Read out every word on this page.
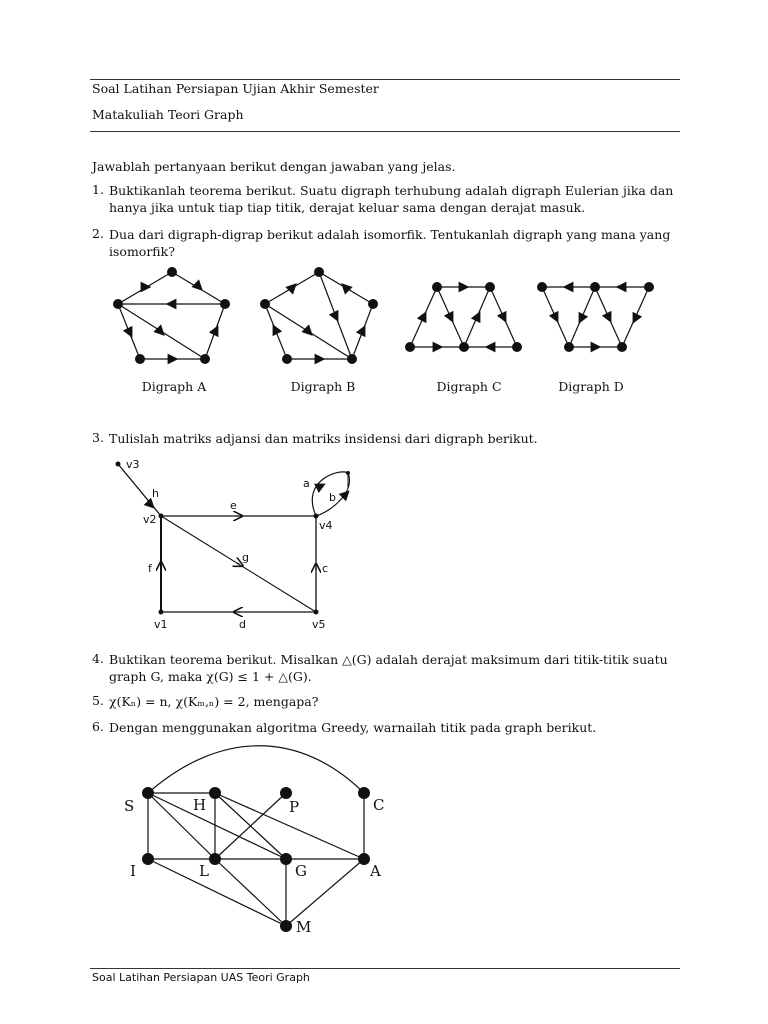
Soal Latihan Persiapan Ujian Akhir Semester
Matakuliah Teori Graph
Jawablah pertanyaan berikut dengan jawaban yang jelas.
1. Buktikanlah teorema berikut. Suatu digraph terhubung adalah digraph Eulerian jika dan
hanya jika untuk tiap tiap titik, derajat keluar sama dengan derajat masuk.
2. Dua dari digraph-digrap berikut adalah isomorfik. Tentukanlah digraph yang mana yang
isomorfik?
Digraph A	Digraph B	Digraph C	Digraph D
3. Tulislah matriks adjansi dan matriks insidensi dari digraph berikut.
v3
v2	v4
v1	v5
h
e
a
b
g
f	c
d
4. Buktikan teorema berikut. Misalkan △(G) adalah derajat maksimum dari titik-titik suatu
graph G, maka χ(G) ≤ 1 + △(G).
5. χ(Kₙ) = n, χ(Kₘ,ₙ) = 2, mengapa?
6. Dengan menggunakan algoritma Greedy, warnailah titik pada graph berikut.
S	H	P	C
I	L	G	A
M
Soal Latihan Persiapan UAS Teori Graph
